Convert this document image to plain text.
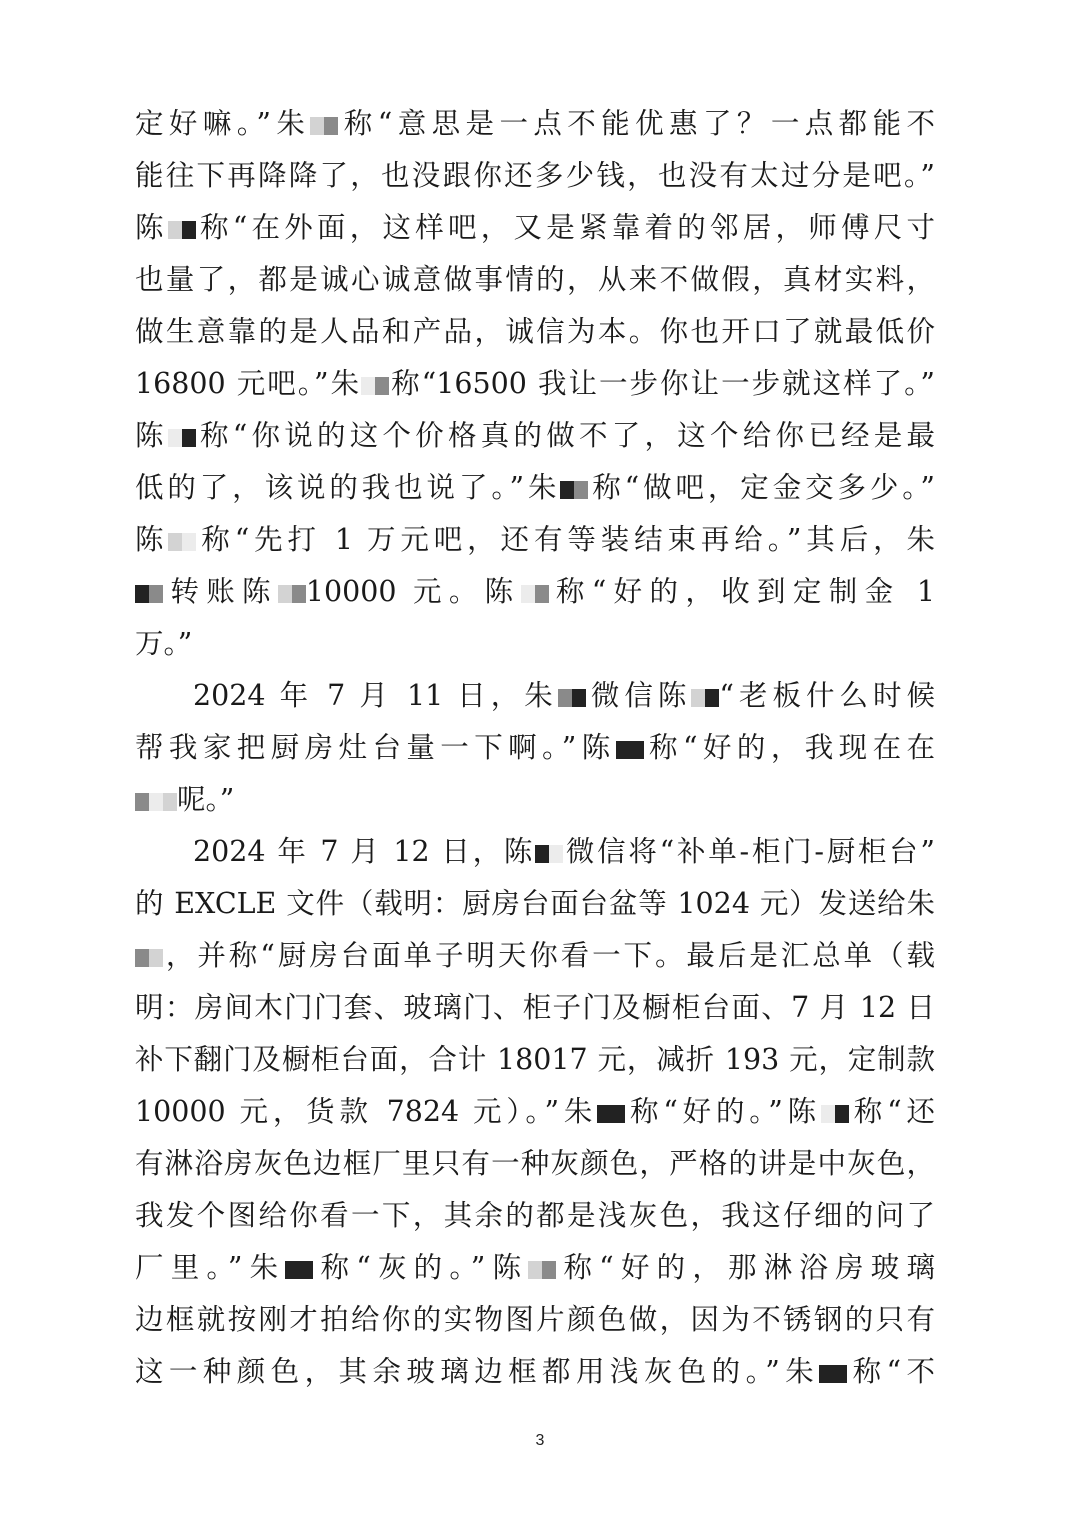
定好嘛。”朱 称“意思是一点不能优惠了？一点都能不
能往下再降降了，也没跟你还多少钱，也没有太过分是吧。”
陈 称“在外面，这样吧，又是紧靠着的邻居，师傅尺寸
也量了，都是诚心诚意做事情的，从来不做假，真材实料，
做生意靠的是人品和产品，诚信为本。你也开口了就最低价
16800 元吧。”朱 称“16500 我让一步你让一步就这样了。”
陈 称“你说的这个价格真的做不了，这个给你已经是最
低的了，该说的我也说了。”朱 称“做吧，定金交多少。”
陈 称“先打 1 万元吧，还有等装结束再给。”其后，朱
转账陈 10000 元。陈 称“好的，收到定制金 1
万。”
2024 年 7 月 11 日，朱 微信陈 “老板什么时候
帮我家把厨房灶台量一下啊。”陈 称“好的，我现在在
呢。”
2024 年 7 月 12 日，陈 微信将“补单-柜门-厨柜台”
的 EXCLE 文件（载明：厨房台面台盆等 1024 元）发送给朱
，并称“厨房台面单子明天你看一下。最后是汇总单（载
明：房间木门门套、玻璃门、柜子门及橱柜台面、7 月 12 日
补下翻门及橱柜台面，合计 18017 元，减折 193 元，定制款
10000 元，货款 7824 元）。”朱 称“好的。”陈 称“还
有淋浴房灰色边框厂里只有一种灰颜色，严格的讲是中灰色，
我发个图给你看一下，其余的都是浅灰色，我这仔细的问了
厂里。”朱 称“灰的。”陈 称“好的，那淋浴房玻璃
边框就按刚才拍给你的实物图片颜色做，因为不锈钢的只有
这一种颜色，其余玻璃边框都用浅灰色的。”朱 称“不
3
